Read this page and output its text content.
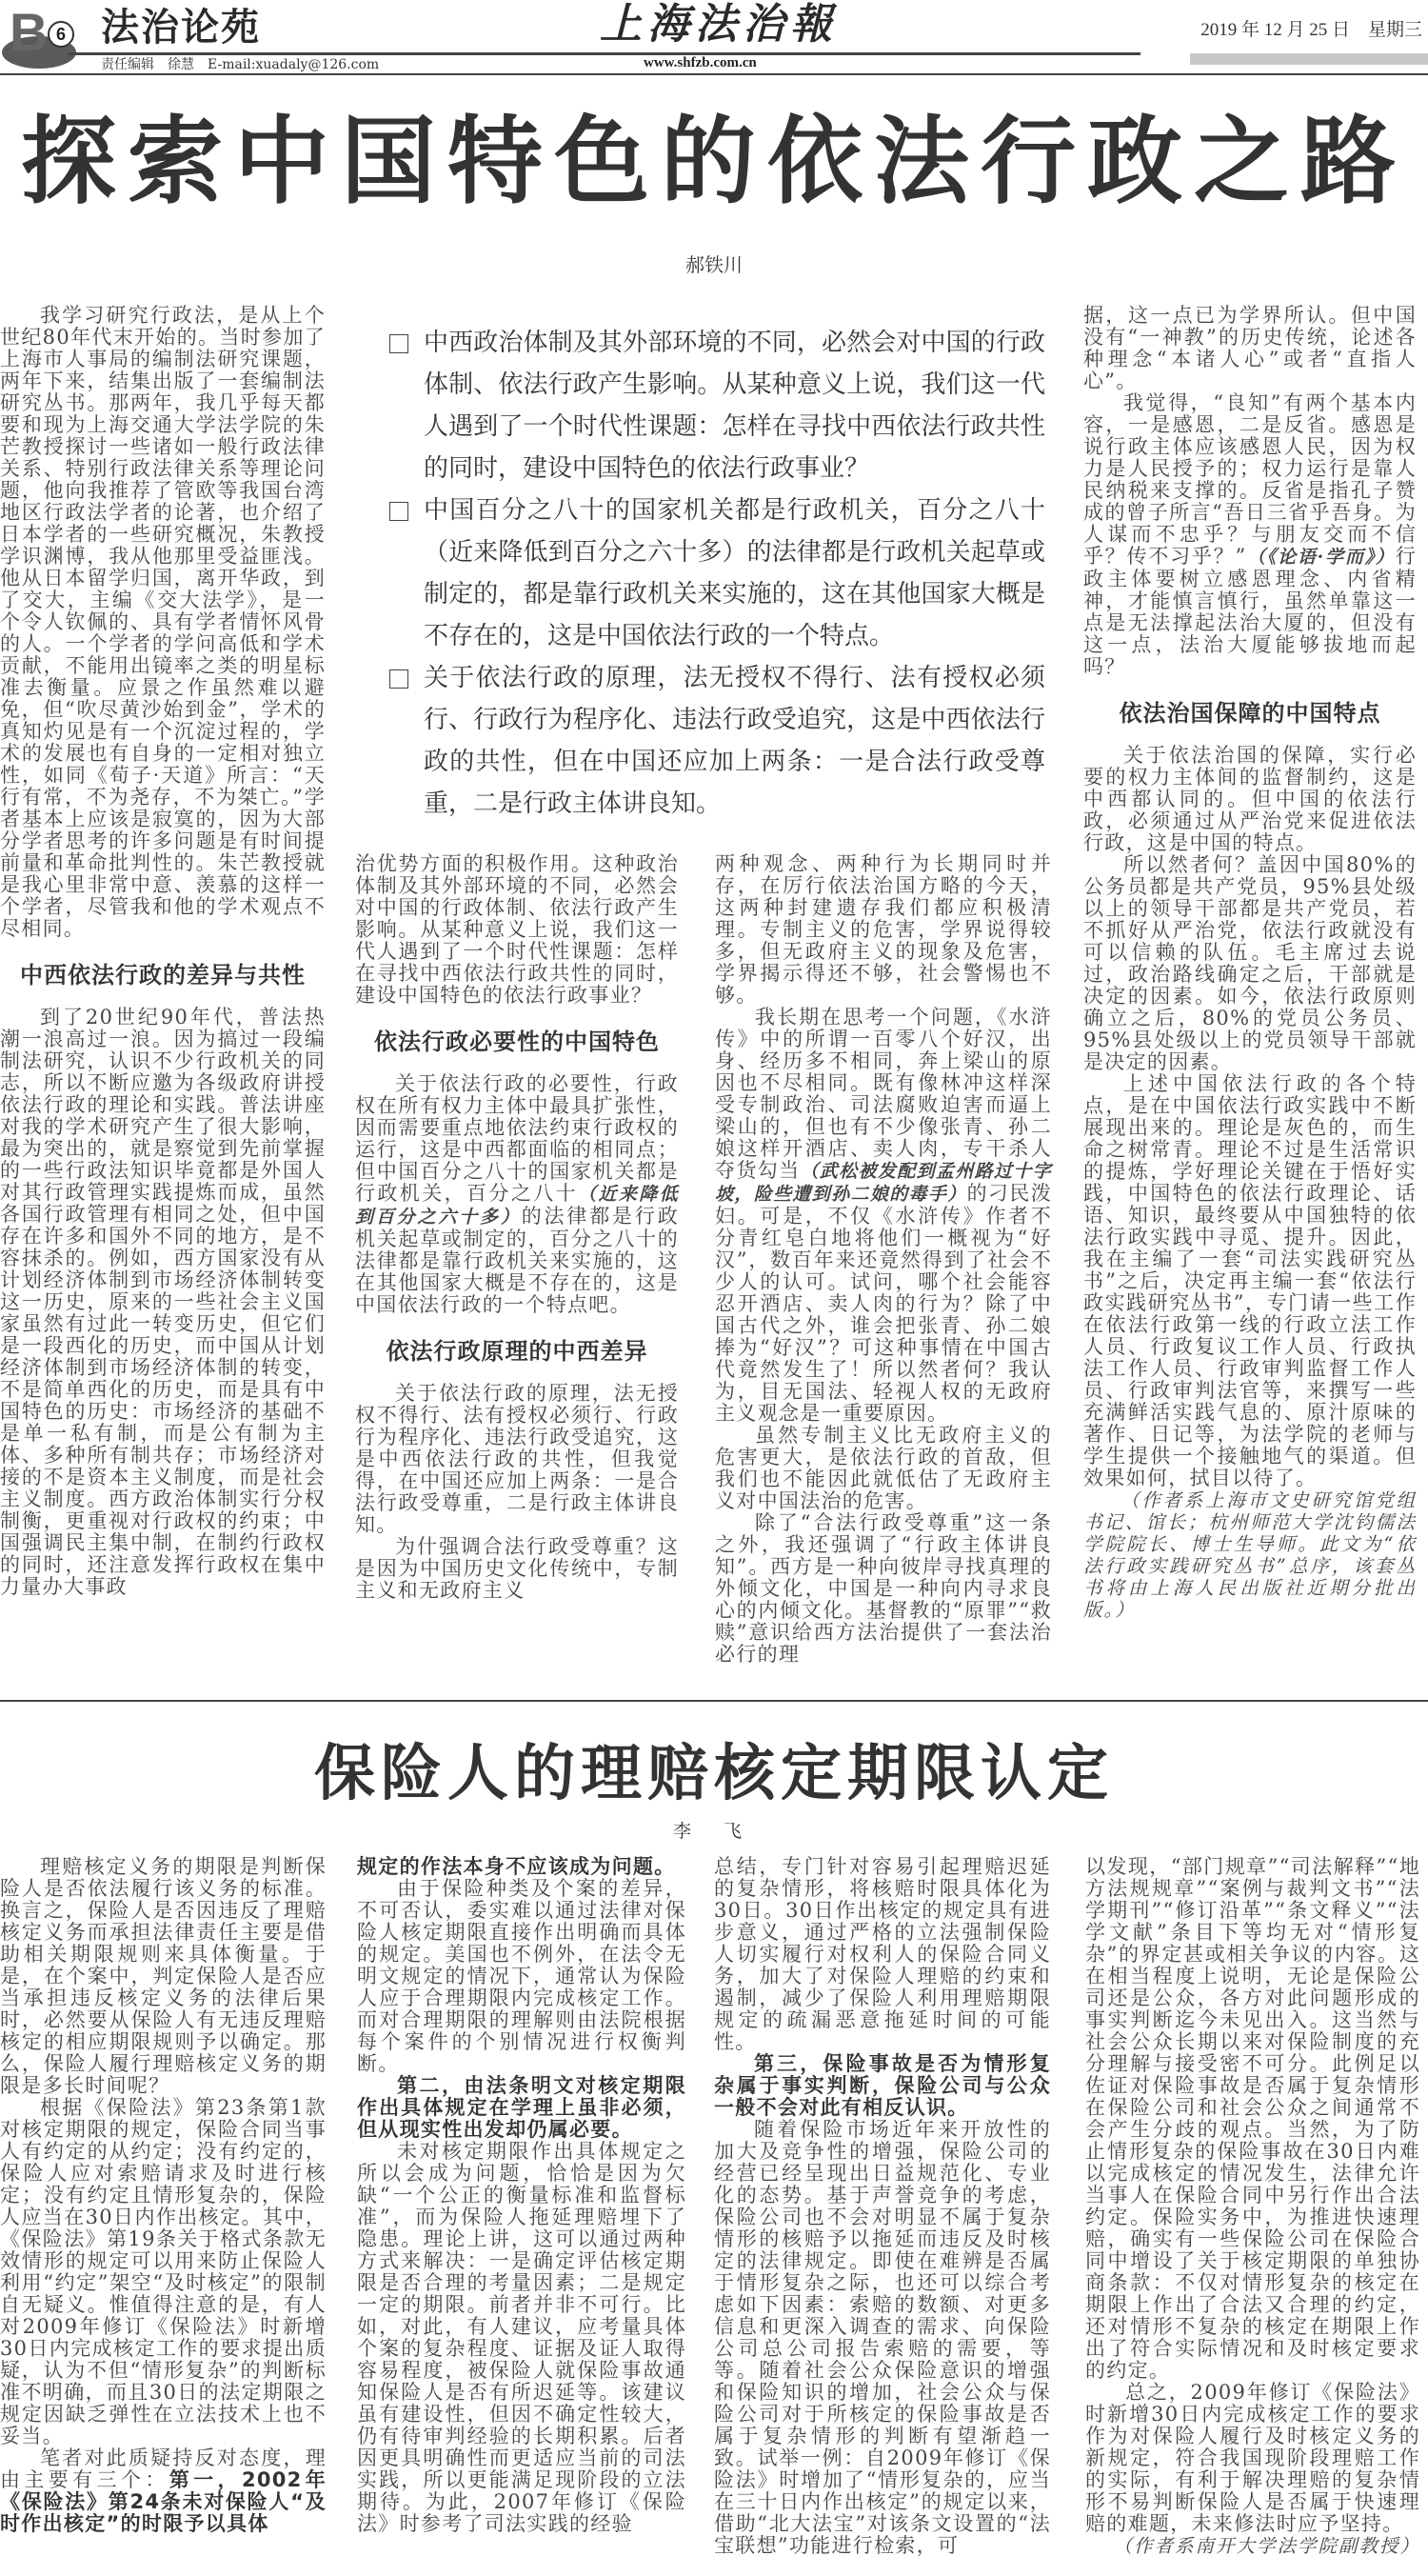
B 6 法治论苑
责任编辑　徐慧　E-mail:xuadaly@126.com
上海法治報
www.shfzb.com.cn
2019 年 12 月 25 日　星期三
探索中国特色的依法行政之路
郝铁川

我学习研究行政法，是从上个世纪80年代末开始的。当时参加了上海市人事局的编制法研究课题，两年下来，结集出版了一套编制法研究丛书。那两年，我几乎每天都要和现为上海交通大学法学院的朱芒教授探讨一些诸如一般行政法律关系、特别行政法律关系等理论问题，他向我推荐了管欧等我国台湾地区行政法学者的论著，也介绍了日本学者的一些研究概况，朱教授学识渊博，我从他那里受益匪浅。他从日本留学归国，离开华政，到了交大，主编《交大法学》，是一个令人钦佩的、具有学者情怀风骨的人。一个学者的学问高低和学术贡献，不能用出镜率之类的明星标准去衡量。应景之作虽然难以避免，但“吹尽黄沙始到金”，学术的真知灼见是有一个沉淀过程的，学术的发展也有自身的一定相对独立性，如同《荀子·天道》所言：“天行有常，不为尧存，不为桀亡。”学者基本上应该是寂寞的，因为大部分学者思考的许多问题是有时间提前量和革命批判性的。朱芒教授就是我心里非常中意、羡慕的这样一个学者，尽管我和他的学术观点不尽相同。

中西依法行政的差异与共性

到了20世纪90年代，普法热潮一浪高过一浪。因为搞过一段编制法研究，认识不少行政机关的同志，所以不断应邀为各级政府讲授依法行政的理论和实践。普法讲座对我的学术研究产生了很大影响，最为突出的，就是察觉到先前掌握的一些行政法知识毕竟都是外国人对其行政管理实践提炼而成，虽然各国行政管理有相同之处，但中国存在许多和国外不同的地方，是不容抹杀的。例如，西方国家没有从计划经济体制到市场经济体制转变这一历史，原来的一些社会主义国家虽然有过此一转变历史，但它们是一段西化的历史，而中国从计划经济体制到市场经济体制的转变，不是简单西化的历史，而是具有中国特色的历史：市场经济的基础不是单一私有制，而是公有制为主体、多种所有制共存；市场经济对接的不是资本主义制度，而是社会主义制度。西方政治体制实行分权制衡，更重视对行政权的约束；中国强调民主集中制，在制约行政权的同时，还注意发挥行政权在集中力量办大事政

中西政治体制及其外部环境的不同，必然会对中国的行政体制、依法行政产生影响。从某种意义上说，我们这一代人遇到了一个时代性课题：怎样在寻找中西依法行政共性的同时，建设中国特色的依法行政事业？
中国百分之八十的国家机关都是行政机关，百分之八十（近来降低到百分之六十多）的法律都是行政机关起草或制定的，都是靠行政机关来实施的，这在其他国家大概是不存在的，这是中国依法行政的一个特点。
关于依法行政的原理，法无授权不得行、法有授权必须行、行政行为程序化、违法行政受追究，这是中西依法行政的共性，但在中国还应加上两条：一是合法行政受尊重，二是行政主体讲良知。

治优势方面的积极作用。这种政治体制及其外部环境的不同，必然会对中国的行政体制、依法行政产生影响。从某种意义上说，我们这一代人遇到了一个时代性课题：怎样在寻找中西依法行政共性的同时，建设中国特色的依法行政事业？

依法行政必要性的中国特色

关于依法行政的必要性，行政权在所有权力主体中最具扩张性，因而需要重点地依法约束行政权的运行，这是中西都面临的相同点；但中国百分之八十的国家机关都是行政机关，百分之八十（近来降低到百分之六十多）的法律都是行政机关起草或制定的，百分之八十的法律都是靠行政机关来实施的，这在其他国家大概是不存在的，这是中国依法行政的一个特点吧。

依法行政原理的中西差异

关于依法行政的原理，法无授权不得行、法有授权必须行、行政行为程序化、违法行政受追究，这是中西依法行政的共性，但我觉得，在中国还应加上两条：一是合法行政受尊重，二是行政主体讲良知。

为什强调合法行政受尊重？这是因为中国历史文化传统中，专制主义和无政府主义

两种观念、两种行为长期同时并存，在厉行依法治国方略的今天，这两种封建遗存我们都应积极清理。专制主义的危害，学界说得较多，但无政府主义的现象及危害，学界揭示得还不够，社会警惕也不够。

我长期在思考一个问题，《水浒传》中的所谓一百零八个好汉，出身、经历多不相同，奔上梁山的原因也不尽相同。既有像林冲这样深受专制政治、司法腐败迫害而逼上梁山的，但也有不少像张青、孙二娘这样开酒店、卖人肉，专干杀人夺货勾当（武松被发配到孟州路过十字坡，险些遭到孙二娘的毒手）的刁民泼妇。可是，不仅《水浒传》作者不分青红皂白地将他们一概视为“好汉”，数百年来还竟然得到了社会不少人的认可。试问，哪个社会能容忍开酒店、卖人肉的行为？除了中国古代之外，谁会把张青、孙二娘捧为“好汉”？可这种事情在中国古代竟然发生了！所以然者何？我认为，目无国法、轻视人权的无政府主义观念是一重要原因。

虽然专制主义比无政府主义的危害更大，是依法行政的首敌，但我们也不能因此就低估了无政府主义对中国法治的危害。

除了“合法行政受尊重”这一条之外，我还强调了“行政主体讲良知”。西方是一种向彼岸寻找真理的外倾文化，中国是一种向内寻求良心的内倾文化。基督教的“原罪”“救赎”意识给西方法治提供了一套法治必行的理

据，这一点已为学界所认。但中国没有“一神教”的历史传统，论述各种理念“本诸人心”或者“直指人心”。

我觉得，“良知”有两个基本内容，一是感恩，二是反省。感恩是说行政主体应该感恩人民，因为权力是人民授予的；权力运行是靠人民纳税来支撑的。反省是指孔子赞成的曾子所言“吾日三省乎吾身。为人谋而不忠乎？与朋友交而不信乎？传不习乎？”（《论语·学而》）行政主体要树立感恩理念、内省精神，才能慎言慎行，虽然单靠这一点是无法撑起法治大厦的，但没有这一点，法治大厦能够拔地而起吗？

依法治国保障的中国特点

关于依法治国的保障，实行必要的权力主体间的监督制约，这是中西都认同的。但中国的依法行政，必须通过从严治党来促进依法行政，这是中国的特点。

所以然者何？盖因中国80%的公务员都是共产党员，95%县处级以上的领导干部都是共产党员，若不抓好从严治党，依法行政就没有可以信赖的队伍。毛主席过去说过，政治路线确定之后，干部就是决定的因素。如今，依法行政原则确立之后，80%的党员公务员、95%县处级以上的党员领导干部就是决定的因素。

上述中国依法行政的各个特点，是在中国依法行政实践中不断展现出来的。理论是灰色的，而生命之树常青。理论不过是生活常识的提炼，学好理论关键在于悟好实践，中国特色的依法行政理论、话语、知识，最终要从中国独特的依法行政实践中寻觅、提升。因此，我在主编了一套“司法实践研究丛书”之后，决定再主编一套“依法行政实践研究丛书”，专门请一些工作在依法行政第一线的行政立法工作人员、行政复议工作人员、行政执法工作人员、行政审判监督工作人员、行政审判法官等，来撰写一些充满鲜活实践气息的、原汁原味的著作、日记等，为法学院的老师与学生提供一个接触地气的渠道。但效果如何，拭目以待了。

（作者系上海市文史研究馆党组书记、馆长；杭州师范大学沈钧儒法学院院长、博士生导师。此文为“依法行政实践研究丛书”总序，该套丛书将由上海人民出版社近期分批出版。）

保险人的理赔核定期限认定
李 飞

理赔核定义务的期限是判断保险人是否依法履行该义务的标准。换言之，保险人是否因违反了理赔核定义务而承担法律责任主要是借助相关期限规则来具体衡量。于是，在个案中，判定保险人是否应当承担违反核定义务的法律后果时，必然要从保险人有无违反理赔核定的相应期限规则予以确定。那么，保险人履行理赔核定义务的期限是多长时间呢？

根据《保险法》第23条第1款对核定期限的规定，保险合同当事人有约定的从约定；没有约定的，保险人应对索赔请求及时进行核定；没有约定且情形复杂的，保险人应当在30日内作出核定。其中，《保险法》第19条关于格式条款无效情形的规定可以用来防止保险人利用“约定”架空“及时核定”的限制自无疑义。惟值得注意的是，有人对2009年修订《保险法》时新增30日内完成核定工作的要求提出质疑，认为不但“情形复杂”的判断标准不明确，而且30日的法定期限之规定因缺乏弹性在立法技术上也不妥当。

笔者对此质疑持反对态度，理由主要有三个：第一，2002年《保险法》第24条未对保险人“及时作出核定”的时限予以具体

规定的作法本身不应该成为问题。

由于保险种类及个案的差异，不可否认，委实难以通过法律对保险人核定期限直接作出明确而具体的规定。美国也不例外，在法令无明文规定的情况下，通常认为保险人应于合理期限内完成核定工作。而对合理期限的理解则由法院根据每个案件的个别情况进行权衡判断。

第二，由法条明文对核定期限作出具体规定在学理上虽非必须，但从现实性出发却仍属必要。

未对核定期限作出具体规定之所以会成为问题，恰恰是因为欠缺“一个公正的衡量标准和监督标准”，而为保险人拖延理赔埋下了隐患。理论上讲，这可以通过两种方式来解决：一是确定评估核定期限是否合理的考量因素；二是规定一定的期限。前者并非不可行。比如，对此，有人建议，应考量具体个案的复杂程度、证据及证人取得容易程度，被保险人就保险事故通知保险人是否有所迟延等。该建议虽有建设性，但因不确定性较大，仍有待审判经验的长期积累。后者因更具明确性而更适应当前的司法实践，所以更能满足现阶段的立法期待。为此，2007年修订《保险法》时参考了司法实践的经验

总结，专门针对容易引起理赔迟延的复杂情形，将核赔时限具体化为30日。30日作出核定的规定具有进步意义，通过严格的立法强制保险人切实履行对权利人的保险合同义务，加大了对保险人理赔的约束和遏制，减少了保险人利用理赔期限规定的疏漏恶意拖延时间的可能性。

第三，保险事故是否为情形复杂属于事实判断，保险公司与公众一般不会对此有相反认识。

随着保险市场近年来开放性的加大及竞争性的增强，保险公司的经营已经呈现出日益规范化、专业化的态势。基于声誉竞争的考虑，保险公司也不会对明显不属于复杂情形的核赔予以拖延而违反及时核定的法律规定。即使在难辨是否属于情形复杂之际，也还可以综合考虑如下因素：索赔的数额、对更多信息和更深入调查的需求、向保险公司总公司报告索赔的需要，等等。随着社会公众保险意识的增强和保险知识的增加，社会公众与保险公司对于所核定的保险事故是否属于复杂情形的判断有望渐趋一致。试举一例：自2009年修订《保险法》时增加了“情形复杂的，应当在三十日内作出核定”的规定以来，借助“北大法宝”对该条文设置的“法宝联想”功能进行检索，可

以发现，“部门规章”“司法解释”“地方法规规章”“案例与裁判文书”“法学期刊”“修订沿革”“条文释义”“法学文献”条目下等均无对“情形复杂”的界定甚或相关争议的内容。这在相当程度上说明，无论是保险公司还是公众，各方对此问题形成的事实判断迄今未见出入。这当然与社会公众长期以来对保险制度的充分理解与接受密不可分。此例足以佐证对保险事故是否属于复杂情形在保险公司和社会公众之间通常不会产生分歧的观点。当然，为了防止情形复杂的保险事故在30日内难以完成核定的情况发生，法律允许当事人在保险合同中另行作出合法约定。保险实务中，为推进快速理赔，确实有一些保险公司在保险合同中增设了关于核定期限的单独协商条款：不仅对情形复杂的核定在期限上作出了合法又合理的约定，还对情形不复杂的核定在期限上作出了符合实际情况和及时核定要求的约定。

总之，2009年修订《保险法》时新增30日内完成核定工作的要求作为对保险人履行及时核定义务的新规定，符合我国现阶段理赔工作的实际，有利于解决理赔的复杂情形不易判断保险人是否属于快速理赔的难题，未来修法时应予坚持。

（作者系南开大学法学院副教授）
